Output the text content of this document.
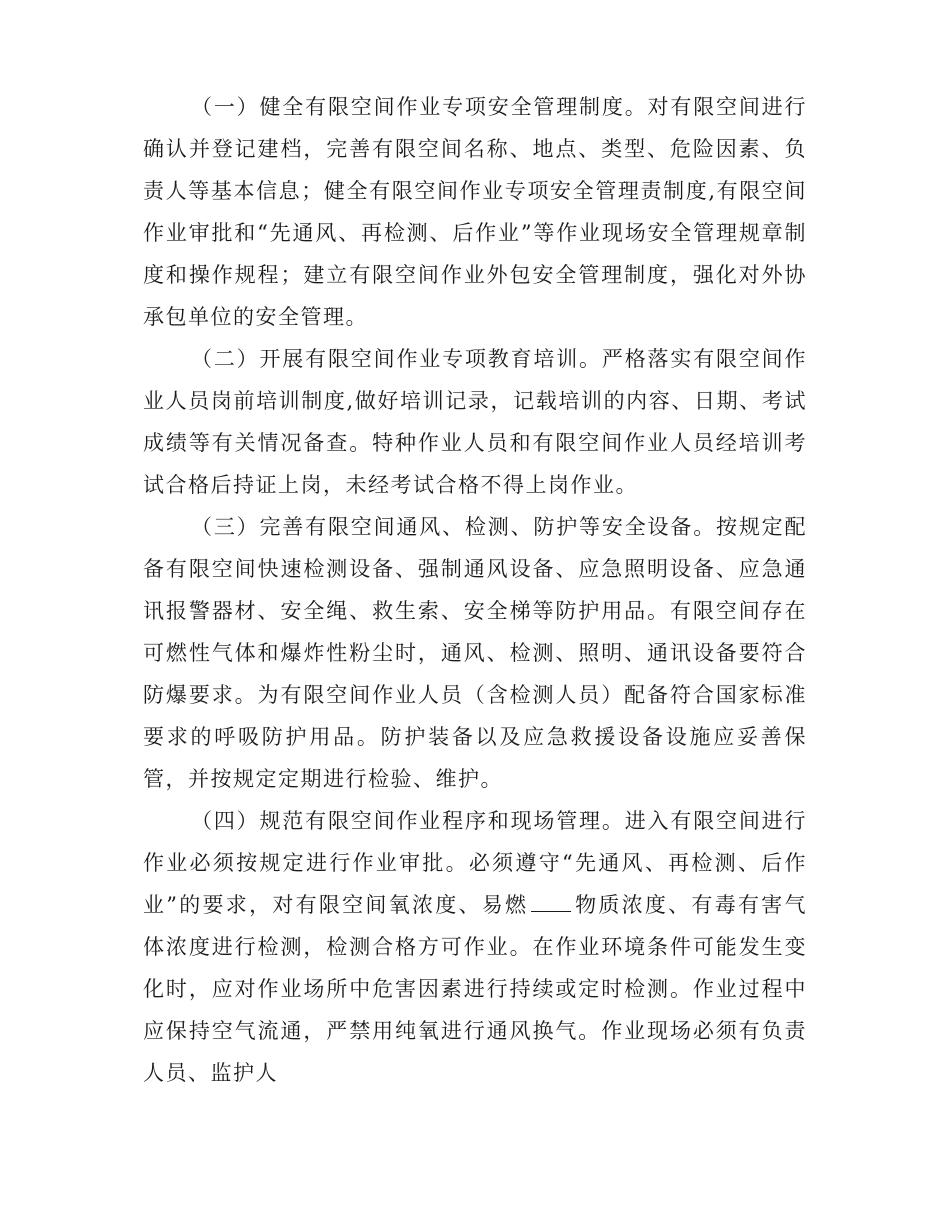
（一）健全有限空间作业专项安全管理制度。对有限空间进行确认并登记建档，完善有限空间名称、地点、类型、危险因素、负责人等基本信息；健全有限空间作业专项安全管理责制度,有限空间作业审批和“先通风、再检测、后作业”等作业现场安全管理规章制度和操作规程；建立有限空间作业外包安全管理制度，强化对外协承包单位的安全管理。

（二）开展有限空间作业专项教育培训。严格落实有限空间作业人员岗前培训制度,做好培训记录，记载培训的内容、日期、考试成绩等有关情况备查。特种作业人员和有限空间作业人员经培训考试合格后持证上岗，未经考试合格不得上岗作业。

（三）完善有限空间通风、检测、防护等安全设备。按规定配备有限空间快速检测设备、强制通风设备、应急照明设备、应急通讯报警器材、安全绳、救生索、安全梯等防护用品。有限空间存在可燃性气体和爆炸性粉尘时，通风、检测、照明、通讯设备要符合防爆要求。为有限空间作业人员（含检测人员）配备符合国家标准要求的呼吸防护用品。防护装备以及应急救援设备设施应妥善保管，并按规定定期进行检验、维护。

（四）规范有限空间作业程序和现场管理。进入有限空间进行作业必须按规定进行作业审批。必须遵守“先通风、再检测、后作业”的要求，对有限空间氧浓度、易燃 物质浓度、有毒有害气体浓度进行检测，检测合格方可作业。在作业环境条件可能发生变化时，应对作业场所中危害因素进行持续或定时检测。作业过程中应保持空气流通，严禁用纯氧进行通风换气。作业现场必须有负责人员、监护人
